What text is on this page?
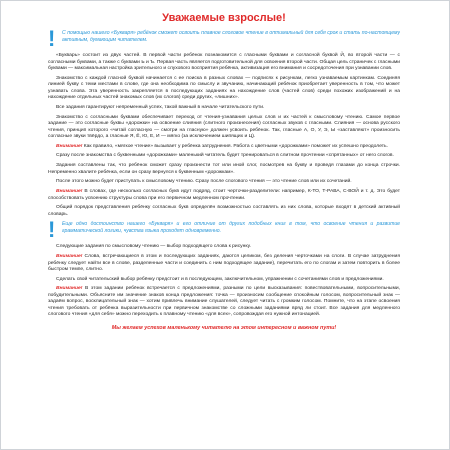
Уважаемые взрослые!
!	С помощью нашего «Букваря» ребёнок сможет освоить плавное слоговое чтение в оптимальный для себя срок и стать по-настоящему активным, думающим читателем.

«Букварь» состоит из двух частей. В первой части ребёнок познакомится с гласными буквами и согласной буквой Й, во второй части — с согласными буквами, а также с буквами Ь и Ъ. Первая часть является подготовительной для освоения второй части. Общая цель страничек с гласными буквами — максимальная настройка зрительного и слухового восприятия ребёнка, активизация его внимания и сосредоточения при узнавании слов.

Знакомство с каждой гласной буквой начинается с ее поиска в разных словах — подписях к рисункам, легко узнаваемым картинкам. Соединяя линией букву с теми местами в слове, где она необходима по смыслу и звучанию, начинающий ребёнок приобретает уверенность в том, что может узнавать слова. Эта уверенность закрепляется в последующих заданиях на нахождение слов (частей слов) среди похожих изображений и на нахождение отдельных частей знакомых слов (их слогов) среди других, «лишних».

Все задания гарантируют непременный успех, такой важный в начале читательского пути.

Знакомство с согласными буквами обеспечивает переход от чтения-узнавания целых слов и их частей к смысловому чтению. Самое первое задание — это согласные буквы «дорожки» на освоение слияния (слитного произнесения) согласных звуков с гласными. Слияния — основа русского чтения, принцип которого «читай согласную — смотри на гласную» должен усвоить ребёнок. Так, гласные А, О, У, Э, Ы «заставляют» произносить согласные звуки твёрдо, а гласные Я, Ё, Ю, Е, И — мягко (за исключением шипящих и Ц).

Внимание! Как правило, «мягкое чтение» вызывает у ребёнка затруднения. Работа с цветными «дорожками» поможет их успешно преодолеть.

Сразу после знакомства с буквенными «дорожками» маленький читатель будет тренироваться в слитном прочтении «спрятанных» от него слогов.

Задания составлены так, что ребёнок сможет сразу произнести тот или иной слог, посмотрев на букву и проведя глазами до конца строчки. Непременно хвалите ребёнка, если он сразу вернулся к буквенным «дорожкам».

После этого можно будет приступать к смысловому чтению. Сразу после слогового чтения — это чтение слов или их сочетаний.

Внимание! В словах, где несколько согласных букв идут подряд, стоит черточки-разделители: например, К-ТО, Т-РАВА, С-ВОЙ и т. д. Это будет способствовать усвоению структуры слова при его первичном медленном прочтении.

Общий порядок представления ребёнку согласных букв определён возможностью составлять из них слова, которые входят в детский активный словарь.

!	Еще одно достоинство нашего «Букваря» и его отличие от других подобных книг в том, что освоение чтения и развитие грамматической логики, чувства языка проходят одновременно.

Следующие задания по смысловому чтению — выбор подходящего слова к рисунку.

Внимание! Слова, встречающиеся в этом и последующих заданиях, даются целиком, без деления черточками на слоги. В случае затруднения ребёнку следует найти все в слове, разделенные части и соединить с ним подходящее задание), перечитать его по слогам и затем повторить в более быстром темпе, слитно.

Сделать свой читательский выбор ребёнку предстоит и в последующем, заключительном, упражнении с сочетаниями слов и предложениями.

Внимание! В этом задании ребёнок встречается с предложениями, разными по цели высказывания: повествовательными, вопросительными, побудительными. Объясните им значение знаков конца предложения: точка — произносим сообщение спокойным голосом, вопросительный знак — задаём вопрос, восклицательный знак — хотим привлечь внимание слушателей, следует читать с громким голосом. Помните, что на этапе освоения чтения требовать от ребёнка выразительности при первичном знакомстве со сложными заданиями вряд ли стоит. Все задания для медленного слогового чтения «для себя» можно переходить к плавному чтению «для всех», сопровождая его нужной интонацией.

Мы желаем успехов маленькому читателю на этом интересном и важном пути!
